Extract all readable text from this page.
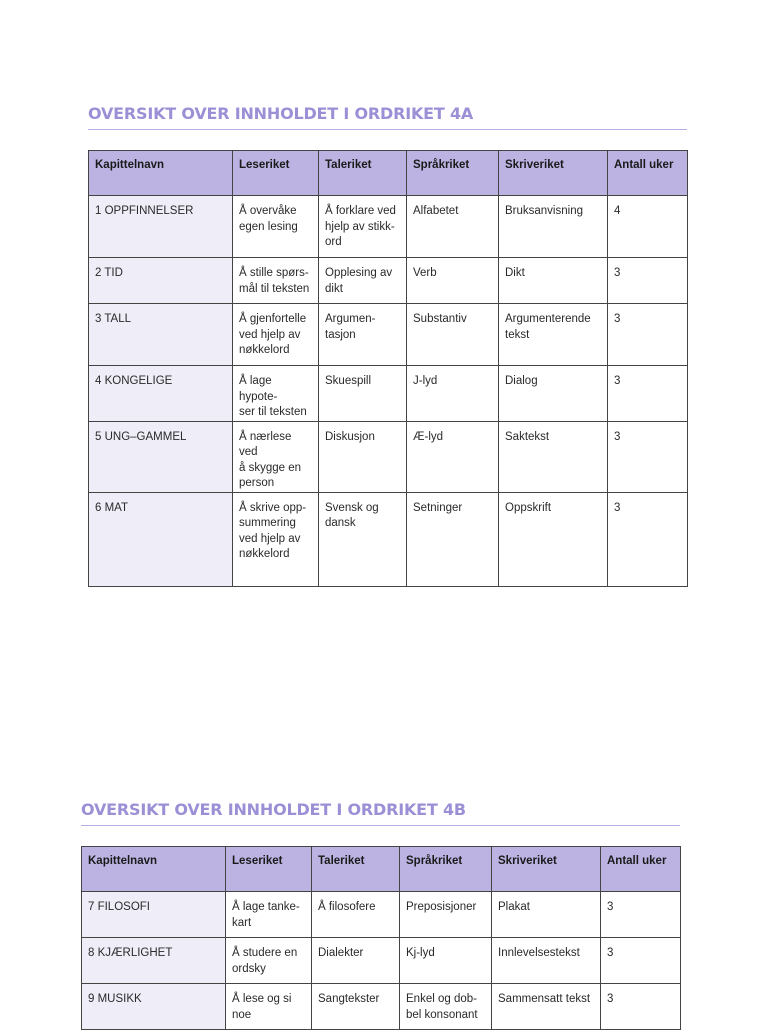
OVERSIKT OVER INNHOLDET I ORDRIKET 4A
Kapittelnavn	Leseriket	Taleriket	Språkriket	Skriveriket	Antall uker
1 OPPFINNELSER	Å overvåke
egen lesing	Å forklare ved
hjelp av stikk-
ord	Alfabetet	Bruksanvisning	4
2 TID	Å stille spørs-
mål til teksten	Opplesing av
dikt	Verb	Dikt	3
3 TALL	Å gjenfortelle
ved hjelp av
nøkkelord	Argumen-
tasjon	Substantiv	Argumenterende
tekst	3
4 KONGELIGE	Å lage hypote-
ser til teksten	Skuespill	J-lyd	Dialog	3
5 UNG–GAMMEL	Å nærlese ved
å skygge en
person	Diskusjon	Æ-lyd	Saktekst	3
6 MAT	Å skrive opp-
summering
ved hjelp av
nøkkelord	Svensk og
dansk	Setninger	Oppskrift	3
OVERSIKT OVER INNHOLDET I ORDRIKET 4B
Kapittelnavn	Leseriket	Taleriket	Språkriket	Skriveriket	Antall uker
7 FILOSOFI	Å lage tanke-
kart	Å filosofere	Preposisjoner	Plakat	3
8 KJÆRLIGHET	Å studere en
ordsky	Dialekter	Kj-lyd	Innlevelsestekst	3
9 MUSIKK	Å lese og si
noe	Sangtekster	Enkel og dob-
bel konsonant	Sammensatt tekst	3
